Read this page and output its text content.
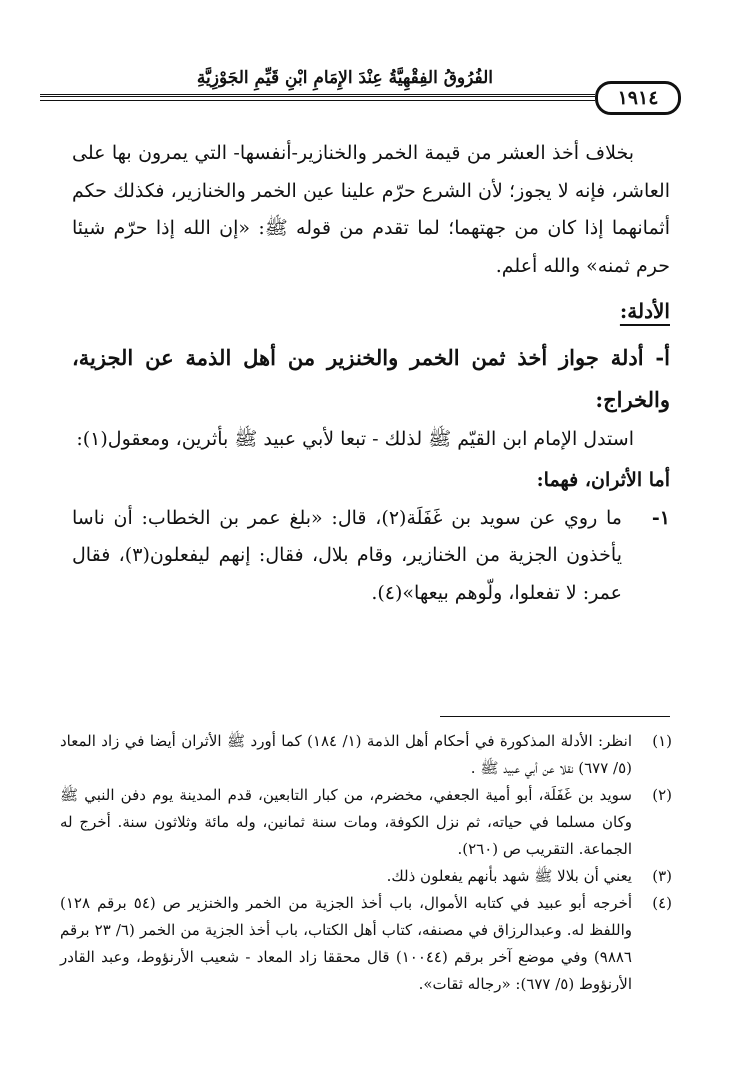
الفُرُوقُ الفِقْهِيَّةُ عِنْدَ الإِمَامِ ابْنِ قَيِّمِ الجَوْزِيَّةِ
١٩١٤

بخلاف أخذ العشر من قيمة الخمر والخنازير-أنفسها- التي يمرون بها على العاشر، فإنه لا يجوز؛ لأن الشرع حرّم علينا عين الخمر والخنازير، فكذلك حكم أثمانهما إذا كان من جهتهما؛ لما تقدم من قوله ﷺ: «إن الله إذا حرّم شيئا حرم ثمنه» والله أعلم.

الأدلة:

أ- أدلة جواز أخذ ثمن الخمر والخنزير من أهل الذمة عن الجزية، والخراج:

استدل الإمام ابن القيّم ﷺ لذلك - تبعا لأبي عبيد ﷺ بأثرين، ومعقول(١):

أما الأثران، فهما:

١-
ما روي عن سويد بن غَفَلَة(٢)، قال: «بلغ عمر بن الخطاب: أن ناسا يأخذون الجزية من الخنازير، وقام بلال، فقال: إنهم ليفعلون(٣)، فقال عمر: لا تفعلوا، ولّوهم بيعها»(٤).

(١)
انظر: الأدلة المذكورة في أحكام أهل الذمة (١/ ١٨٤) كما أورد ﷺ الأثران أيضا في زاد المعاد (٥/ ٦٧٧) نقلا عن أبي عبيد ﷺ .

(٢)
سويد بن غَفَلَة، أبو أمية الجعفي، مخضرم، من كبار التابعين، قدم المدينة يوم دفن النبي ﷺ وكان مسلما في حياته، ثم نزل الكوفة، ومات سنة ثمانين، وله مائة وثلاثون سنة. أخرج له الجماعة. التقريب ص (٢٦٠).

(٣)
يعني أن بلالا ﷺ شهد بأنهم يفعلون ذلك.

(٤)
أخرجه أبو عبيد في كتابه الأموال، باب أخذ الجزية من الخمر والخنزير ص (٥٤ برقم ١٢٨) واللفظ له. وعبدالرزاق في مصنفه، كتاب أهل الكتاب، باب أخذ الجزية من الخمر (٦/ ٢٣ برقم ٩٨٨٦) وفي موضع آخر برقم (١٠٠٤٤) قال محققا زاد المعاد - شعيب الأرنؤوط، وعبد القادر الأرنؤوط (٥/ ٦٧٧): «رجاله ثقات».
